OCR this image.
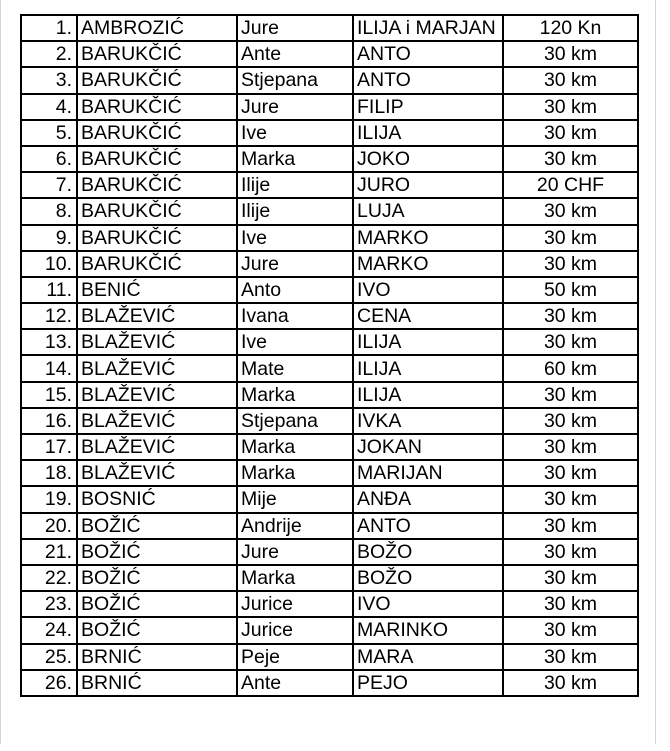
1.	AMBROZIĆ	Jure	ILIJA i MARJAN	120 Kn
2.	BARUKČIĆ	Ante	ANTO	30 km
3.	BARUKČIĆ	Stjepana	ANTO	30 km
4.	BARUKČIĆ	Jure	FILIP	30 km
5.	BARUKČIĆ	Ive	ILIJA	30 km
6.	BARUKČIĆ	Marka	JOKO	30 km
7.	BARUKČIĆ	Ilije	JURO	20 CHF
8.	BARUKČIĆ	Ilije	LUJA	30 km
9.	BARUKČIĆ	Ive	MARKO	30 km
10.	BARUKČIĆ	Jure	MARKO	30 km
11.	BENIĆ	Anto	IVO	50 km
12.	BLAŽEVIĆ	Ivana	CENA	30 km
13.	BLAŽEVIĆ	Ive	ILIJA	30 km
14.	BLAŽEVIĆ	Mate	ILIJA	60 km
15.	BLAŽEVIĆ	Marka	ILIJA	30 km
16.	BLAŽEVIĆ	Stjepana	IVKA	30 km
17.	BLAŽEVIĆ	Marka	JOKAN	30 km
18.	BLAŽEVIĆ	Marka	MARIJAN	30 km
19.	BOSNIĆ	Mije	ANĐA	30 km
20.	BOŽIĆ	Andrije	ANTO	30 km
21.	BOŽIĆ	Jure	BOŽO	30 km
22.	BOŽIĆ	Marka	BOŽO	30 km
23.	BOŽIĆ	Jurice	IVO	30 km
24.	BOŽIĆ	Jurice	MARINKO	30 km
25.	BRNIĆ	Peje	MARA	30 km
26.	BRNIĆ	Ante	PEJO	30 km
